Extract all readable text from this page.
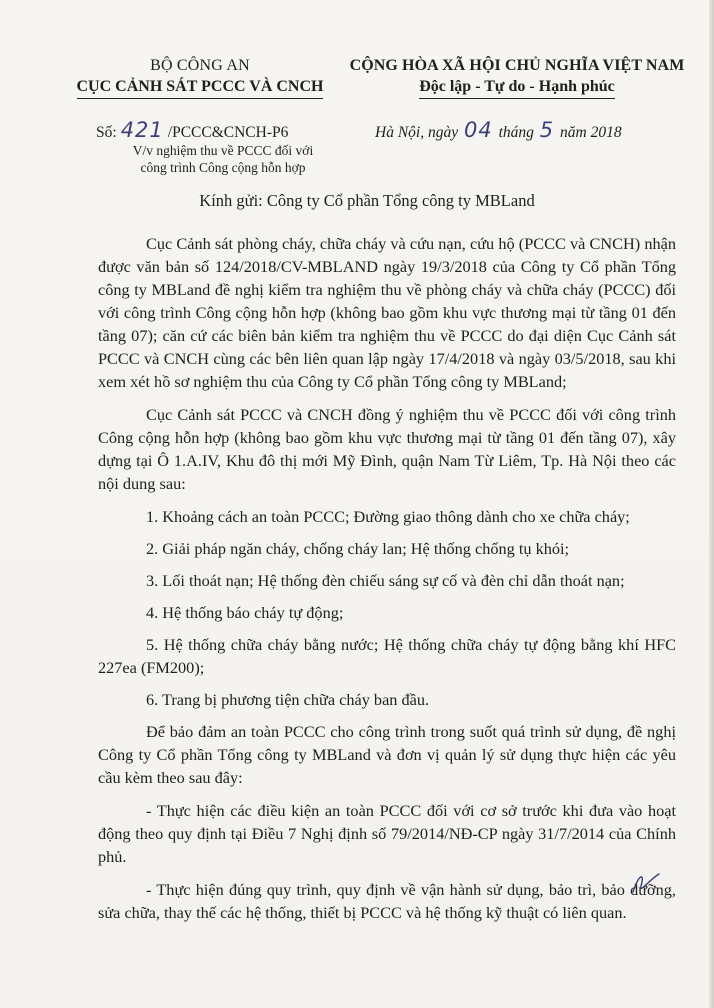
BỘ CÔNG AN
CỤC CẢNH SÁT PCCC VÀ CNCH
CỘNG HÒA XÃ HỘI CHỦ NGHĨA VIỆT NAM
Độc lập - Tự do - Hạnh phúc
Số: 421 /PCCC&CNCH-P6
V/v nghiệm thu về PCCC đối với
công trình Công cộng hỗn hợp
Hà Nội, ngày 04 tháng 5 năm 2018
Kính gửi: Công ty Cổ phần Tổng công ty MBLand

Cục Cảnh sát phòng cháy, chữa cháy và cứu nạn, cứu hộ (PCCC và CNCH) nhận được văn bản số 124/2018/CV-MBLAND ngày 19/3/2018 của Công ty Cổ phần Tổng công ty MBLand đề nghị kiểm tra nghiệm thu về phòng cháy và chữa cháy (PCCC) đối với công trình Công cộng hỗn hợp (không bao gồm khu vực thương mại từ tầng 01 đến tầng 07); căn cứ các biên bản kiểm tra nghiệm thu về PCCC do đại diện Cục Cảnh sát PCCC và CNCH cùng các bên liên quan lập ngày 17/4/2018 và ngày 03/5/2018, sau khi xem xét hồ sơ nghiệm thu của Công ty Cổ phần Tổng công ty MBLand;

Cục Cảnh sát PCCC và CNCH đồng ý nghiệm thu về PCCC đối với công trình Công cộng hỗn hợp (không bao gồm khu vực thương mại từ tầng 01 đến tầng 07), xây dựng tại Ô 1.A.IV, Khu đô thị mới Mỹ Đình, quận Nam Từ Liêm, Tp. Hà Nội theo các nội dung sau:

1. Khoảng cách an toàn PCCC; Đường giao thông dành cho xe chữa cháy;

2. Giải pháp ngăn cháy, chống cháy lan; Hệ thống chống tụ khói;

3. Lối thoát nạn; Hệ thống đèn chiếu sáng sự cố và đèn chỉ dẫn thoát nạn;

4. Hệ thống báo cháy tự động;

5. Hệ thống chữa cháy bằng nước; Hệ thống chữa cháy tự động bằng khí HFC 227ea (FM200);

6. Trang bị phương tiện chữa cháy ban đầu.

Để bảo đảm an toàn PCCC cho công trình trong suốt quá trình sử dụng, đề nghị Công ty Cổ phần Tổng công ty MBLand và đơn vị quản lý sử dụng thực hiện các yêu cầu kèm theo sau đây:

- Thực hiện các điều kiện an toàn PCCC đối với cơ sở trước khi đưa vào hoạt động theo quy định tại Điều 7 Nghị định số 79/2014/NĐ-CP ngày 31/7/2014 của Chính phủ.

- Thực hiện đúng quy trình, quy định về vận hành sử dụng, bảo trì, bảo dưỡng, sửa chữa, thay thế các hệ thống, thiết bị PCCC và hệ thống kỹ thuật có liên quan.
